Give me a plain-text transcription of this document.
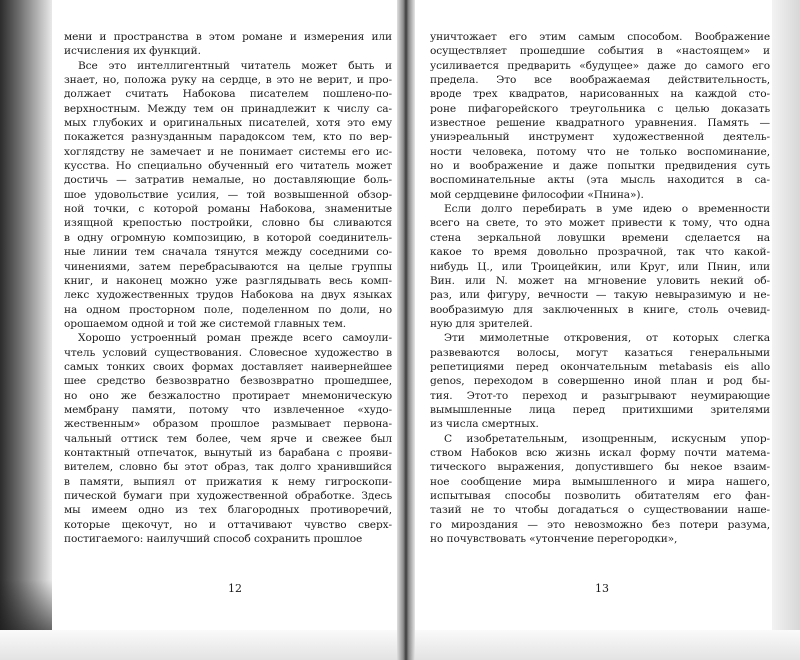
мени и пространства в этом романе и измерения или
исчисления их функций.
Все это интеллигентный читатель может быть и
знает, но, положа руку на сердце, в это не верит, и про-
должает считать Набокова писателем пошлено-по-
верхностным. Между тем он принадлежит к числу са-
мых глубоких и оригинальных писателей, хотя это ему
покажется разнузданным парадоксом тем, кто по вер-
хоглядству не замечает и не понимает системы его ис-
кусства. Но специально обученный его читатель может
достичь — затратив немалые, но доставляющие боль-
шое удовольствие усилия, — той возвышенной обзор-
ной точки, с которой романы Набокова, знаменитые
изящной крепостью постройки, словно бы сливаются
в одну огромную композицию, в которой соединитель-
ные линии тем сначала тянутся между соседними со-
чинениями, затем перебрасываются на целые группы
книг, и наконец можно уже разглядывать весь комп-
лекс художественных трудов Набокова на двух языках
на одном просторном поле, поделенном по доли, но
орошаемом одной и той же системой главных тем.
Хорошо устроенный роман прежде всего самоули-
чтель условий существования. Словесное художество в
самых тонких своих формах доставляет наивернейшее
шее средство безвозвратно безвозвратно прошедшее,
но оно же безжалостно протирает мнемоническую
мембрану памяти, потому что извлеченное «худо-
жественным» образом прошлое размывает первона-
чальный оттиск тем более, чем ярче и свежее был
контактный отпечаток, вынутый из барабана с прояви-
вителем, словно бы этот образ, так долго хранившийся
в памяти, выпиял от прижатия к нему гигроскопи-
пической бумаги при художественной обработке. Здесь
мы имеем одно из тех благородных противоречий,
которые щекочут, но и оттачивают чувство сверх-
постигаемого: наилучший способ сохранить прошлое
12
уничтожает его этим самым способом. Воображение
осуществляет прошедшие события в «настоящем» и
усиливается предварить «будущее» даже до самого его
предела. Это все воображаемая действительность,
вроде трех квадратов, нарисованных на каждой сто-
роне пифагорейского треугольника с целью доказать
известное решение квадратного уравнения. Память —
униэреальный инструмент художественной деятель-
ности человека, потому что не только воспоминание,
но и воображение и даже попытки предвидения суть
воспоминательные акты (эта мысль находится в са-
мой сердцевине философии «Пнина»).
Если долго перебирать в уме идею о временности
всего на свете, то это может привести к тому, что одна
стена зеркальной ловушки времени сделается на
какое то время довольно прозрачной, так что какой-
нибудь Ц., или Троицейкин, или Круг, или Пнин, или
Вин. или N. может на мгновение уловить некий об-
раз, или фигуру, вечности — такую невыразимую и не-
вообразимую для заключенных в книге, столь очевид-
ную для зрителей.
Эти мимолетные откровения, от которых слегка
развеваются волосы, могут казаться генеральными
репетициями перед окончательным metabasis eis allo
genos, переходом в совершенно иной план и род бы-
тия. Этот-то переход и разыгрывают неумирающие
вымышленные лица перед притихшими зрителями
из числа смертных.
С изобретательным, изощренным, искусным упор-
ством Набоков всю жизнь искал форму почти матема-
тического выражения, допустившего бы некое взаим-
ное сообщение мира вымышленного и мира нашего,
испытывая способы позволить обитателям его фан-
тазий не то чтобы догадаться о существовании наше-
го мироздания — это невозможно без потери разума,
но почувствовать «утончение перегородки»,
13
